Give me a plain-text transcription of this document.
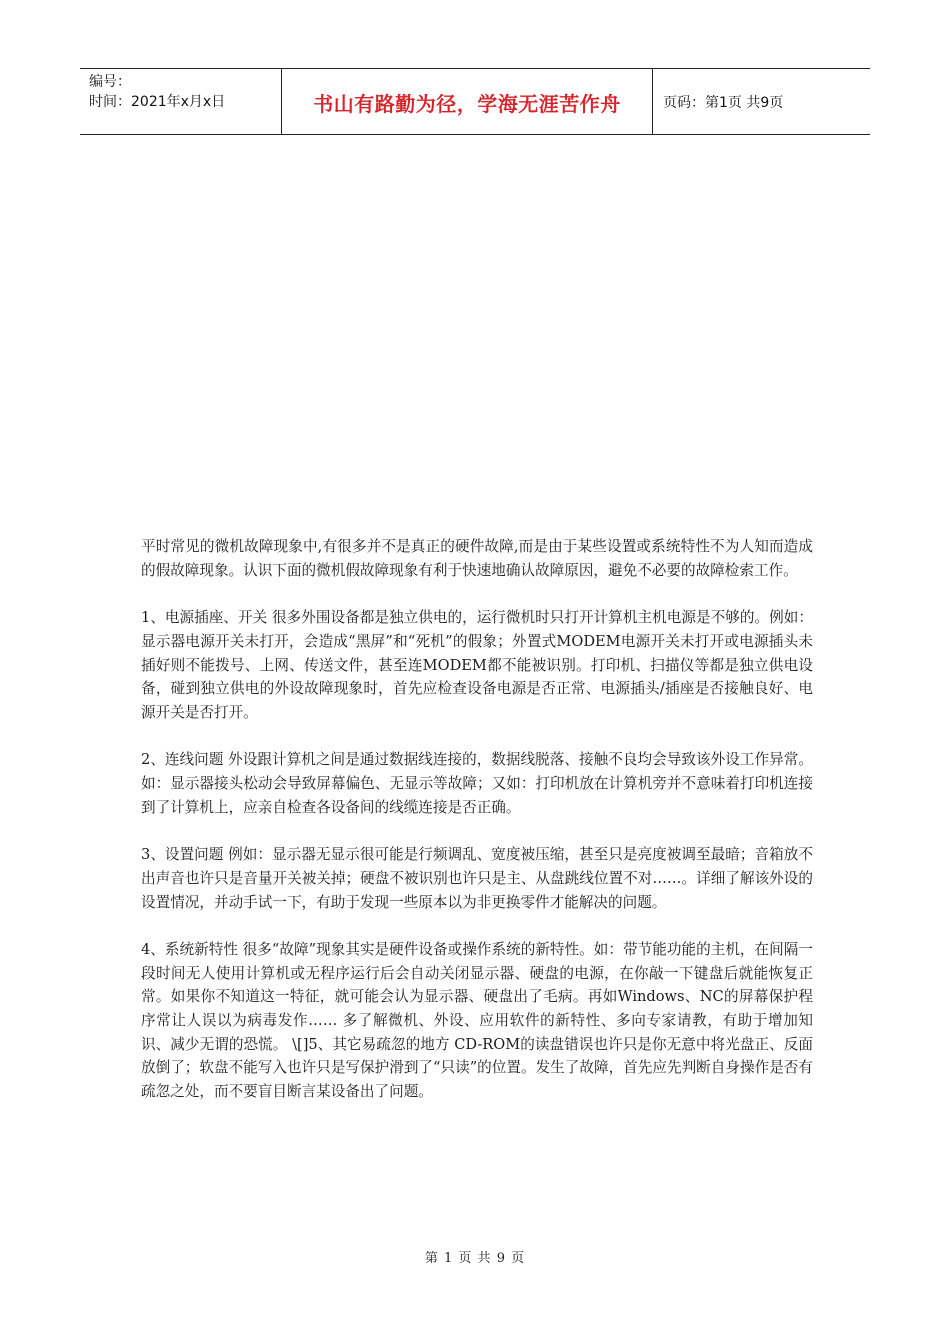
编号：
时间：2021年x月x日	书山有路勤为径，学海无涯苦作舟	页码：第1页 共9页

平时常见的微机故障现象中,有很多并不是真正的硬件故障,而是由于某些设置或系统特性不为人知而造成的假故障现象。认识下面的微机假故障现象有利于快速地确认故障原因，避免不必要的故障检索工作。

1、电源插座、开关 很多外围设备都是独立供电的，运行微机时只打开计算机主机电源是不够的。例如：显示器电源开关未打开，会造成“黑屏”和“死机”的假象；外置式MODEM电源开关未打开或电源插头未插好则不能拨号、上网、传送文件，甚至连MODEM都不能被识别。打印机、扫描仪等都是独立供电设备，碰到独立供电的外设故障现象时，首先应检查设备电源是否正常、电源插头/插座是否接触良好、电源开关是否打开。

2、连线问题 外设跟计算机之间是通过数据线连接的，数据线脱落、接触不良均会导致该外设工作异常。如：显示器接头松动会导致屏幕偏色、无显示等故障；又如：打印机放在计算机旁并不意味着打印机连接到了计算机上，应亲自检查各设备间的线缆连接是否正确。

3、设置问题 例如：显示器无显示很可能是行频调乱、宽度被压缩，甚至只是亮度被调至最暗；音箱放不出声音也许只是音量开关被关掉；硬盘不被识别也许只是主、从盘跳线位置不对……。详细了解该外设的设置情况，并动手试一下，有助于发现一些原本以为非更换零件才能解决的问题。

4、系统新特性 很多“故障”现象其实是硬件设备或操作系统的新特性。如：带节能功能的主机，在间隔一段时间无人使用计算机或无程序运行后会自动关闭显示器、硬盘的电源，在你敲一下键盘后就能恢复正常。如果你不知道这一特征，就可能会认为显示器、硬盘出了毛病。再如Windows、NC的屏幕保护程序常让人误以为病毒发作…… 多了解微机、外设、应用软件的新特性、多向专家请教，有助于增加知识、减少无谓的恐慌。 \[]5、其它易疏忽的地方 CD-ROM的读盘错误也许只是你无意中将光盘正、反面放倒了；软盘不能写入也许只是写保护滑到了“只读”的位置。发生了故障，首先应先判断自身操作是否有疏忽之处，而不要盲目断言某设备出了问题。

第 1 页 共 9 页
